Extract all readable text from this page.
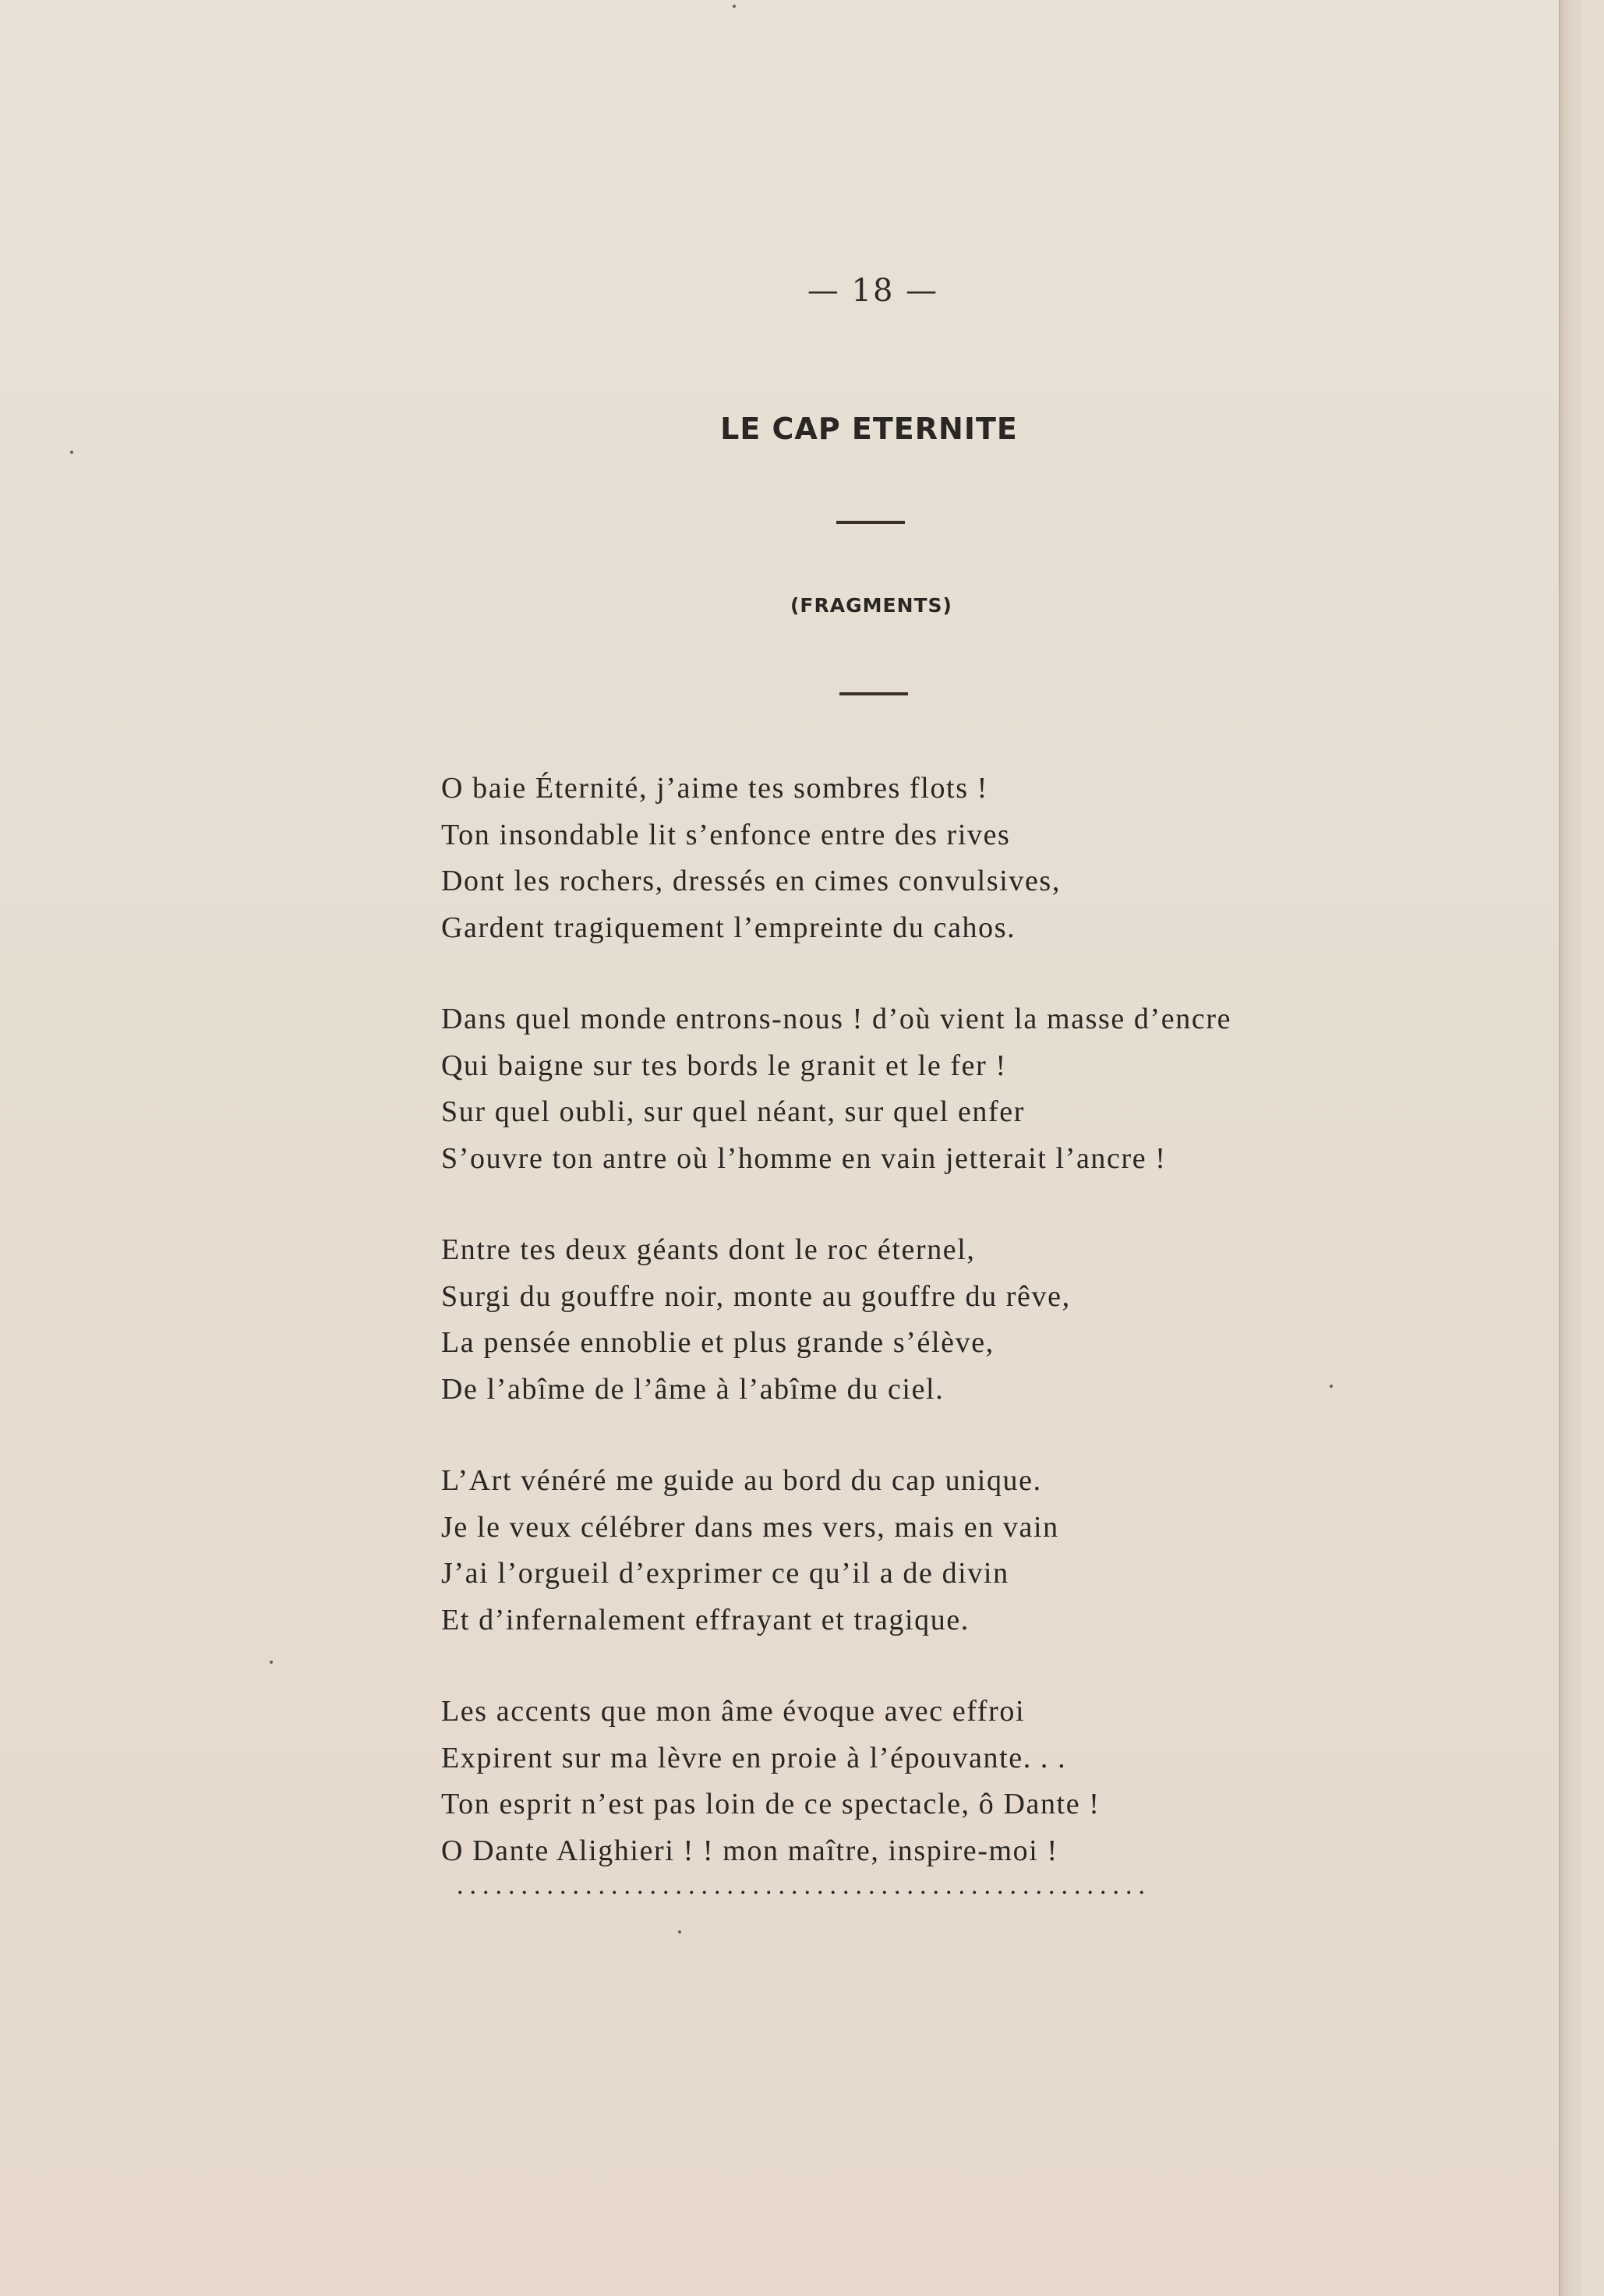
— 18 —
LE CAP ETERNITE
(FRAGMENTS)
O baie Éternité, j’aime tes sombres flots !
Ton insondable lit s’enfonce entre des rives
Dont les rochers, dressés en cimes convulsives,
Gardent tragiquement l’empreinte du cahos.
Dans quel monde entrons-nous ! d’où vient la masse d’encre
Qui baigne sur tes bords le granit et le fer !
Sur quel oubli, sur quel néant, sur quel enfer
S’ouvre ton antre où l’homme en vain jetterait l’ancre !
Entre tes deux géants dont le roc éternel,
Surgi du gouffre noir, monte au gouffre du rêve,
La pensée ennoblie et plus grande s’élève,
De l’abîme de l’âme à l’abîme du ciel.
L’Art vénéré me guide au bord du cap unique.
Je le veux célébrer dans mes vers, mais en vain
J’ai l’orgueil d’exprimer ce qu’il a de divin
Et d’infernalement effrayant et tragique.
Les accents que mon âme évoque avec effroi
Expirent sur ma lèvre en proie à l’épouvante. . .
Ton esprit n’est pas loin de ce spectacle, ô Dante !
O Dante Alighieri ! ! mon maître, inspire-moi !
......................................................
